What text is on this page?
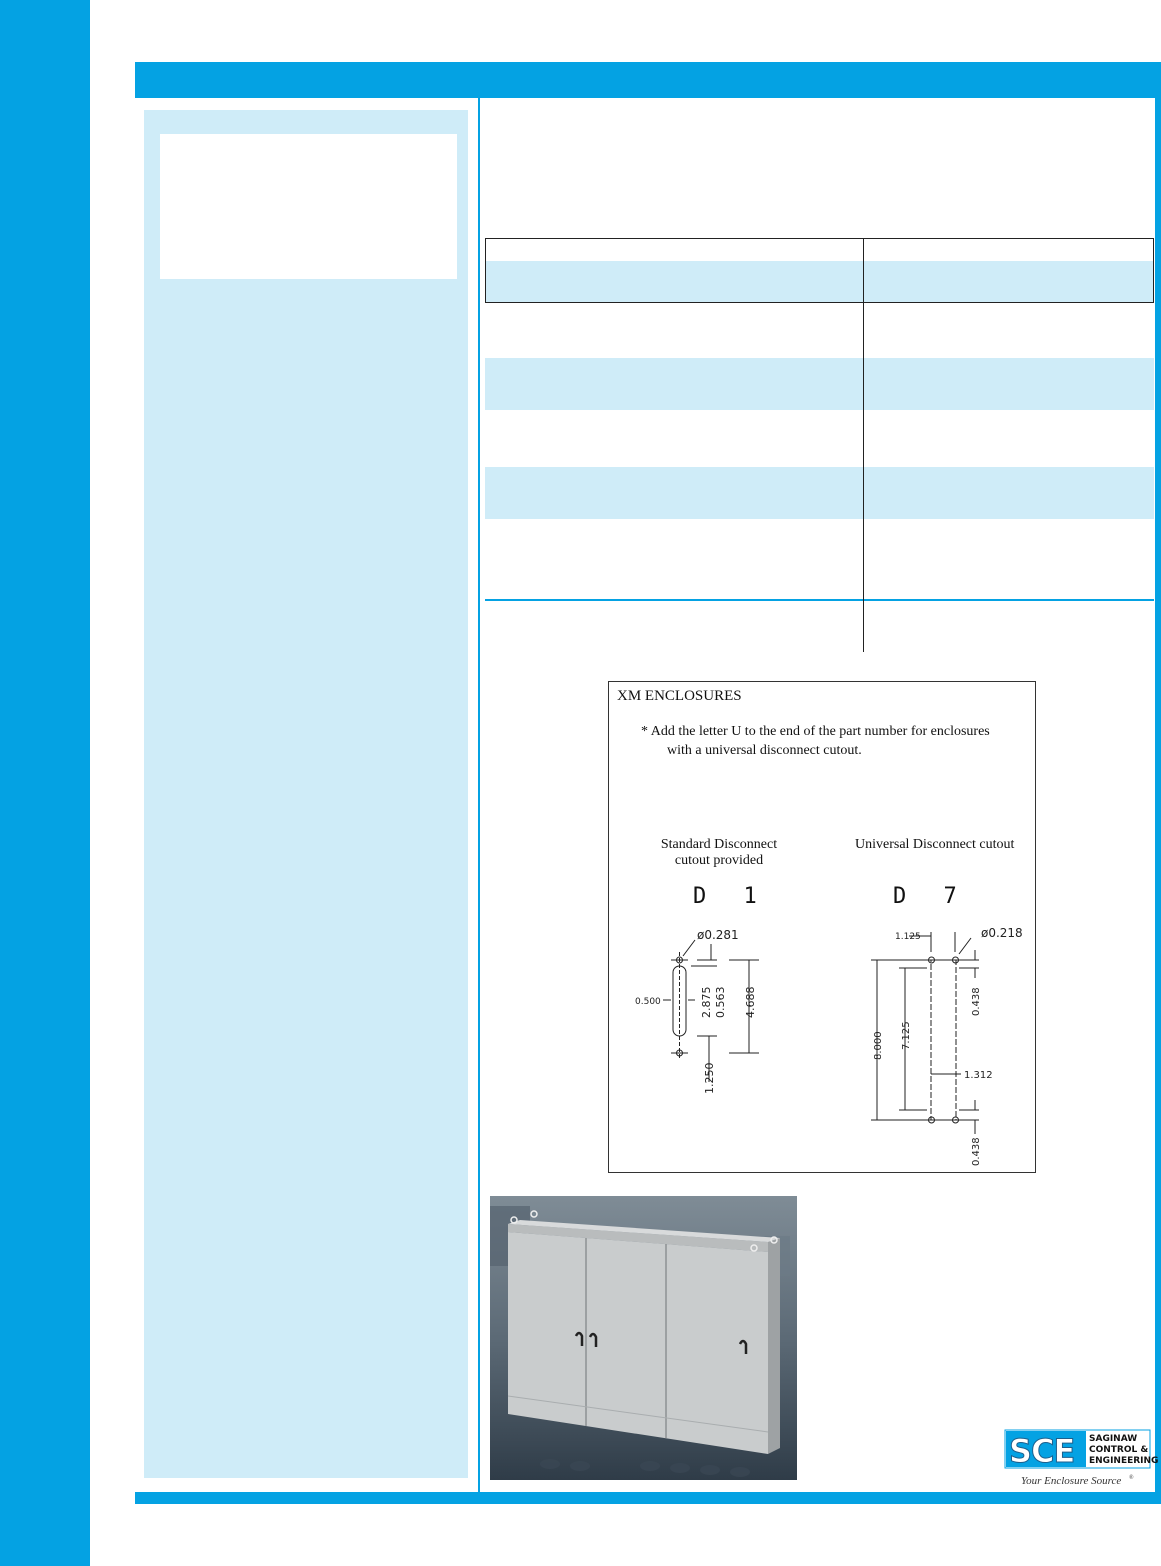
XM ENCLOSURES
* Add the letter U to the end of the part number for enclosures
with a universal disconnect cutout.
Standard Disconnect
cutout provided
Universal Disconnect cutout
D 1	D 7
ø0.281
0.500	2.875 0.563 4.688
1.250
1.125	ø0.218
0.438
8.000 7.125
1.312
0.438
SCE SAGINAW
CONTROL &
ENGINEERING
Your Enclosure Source ®
